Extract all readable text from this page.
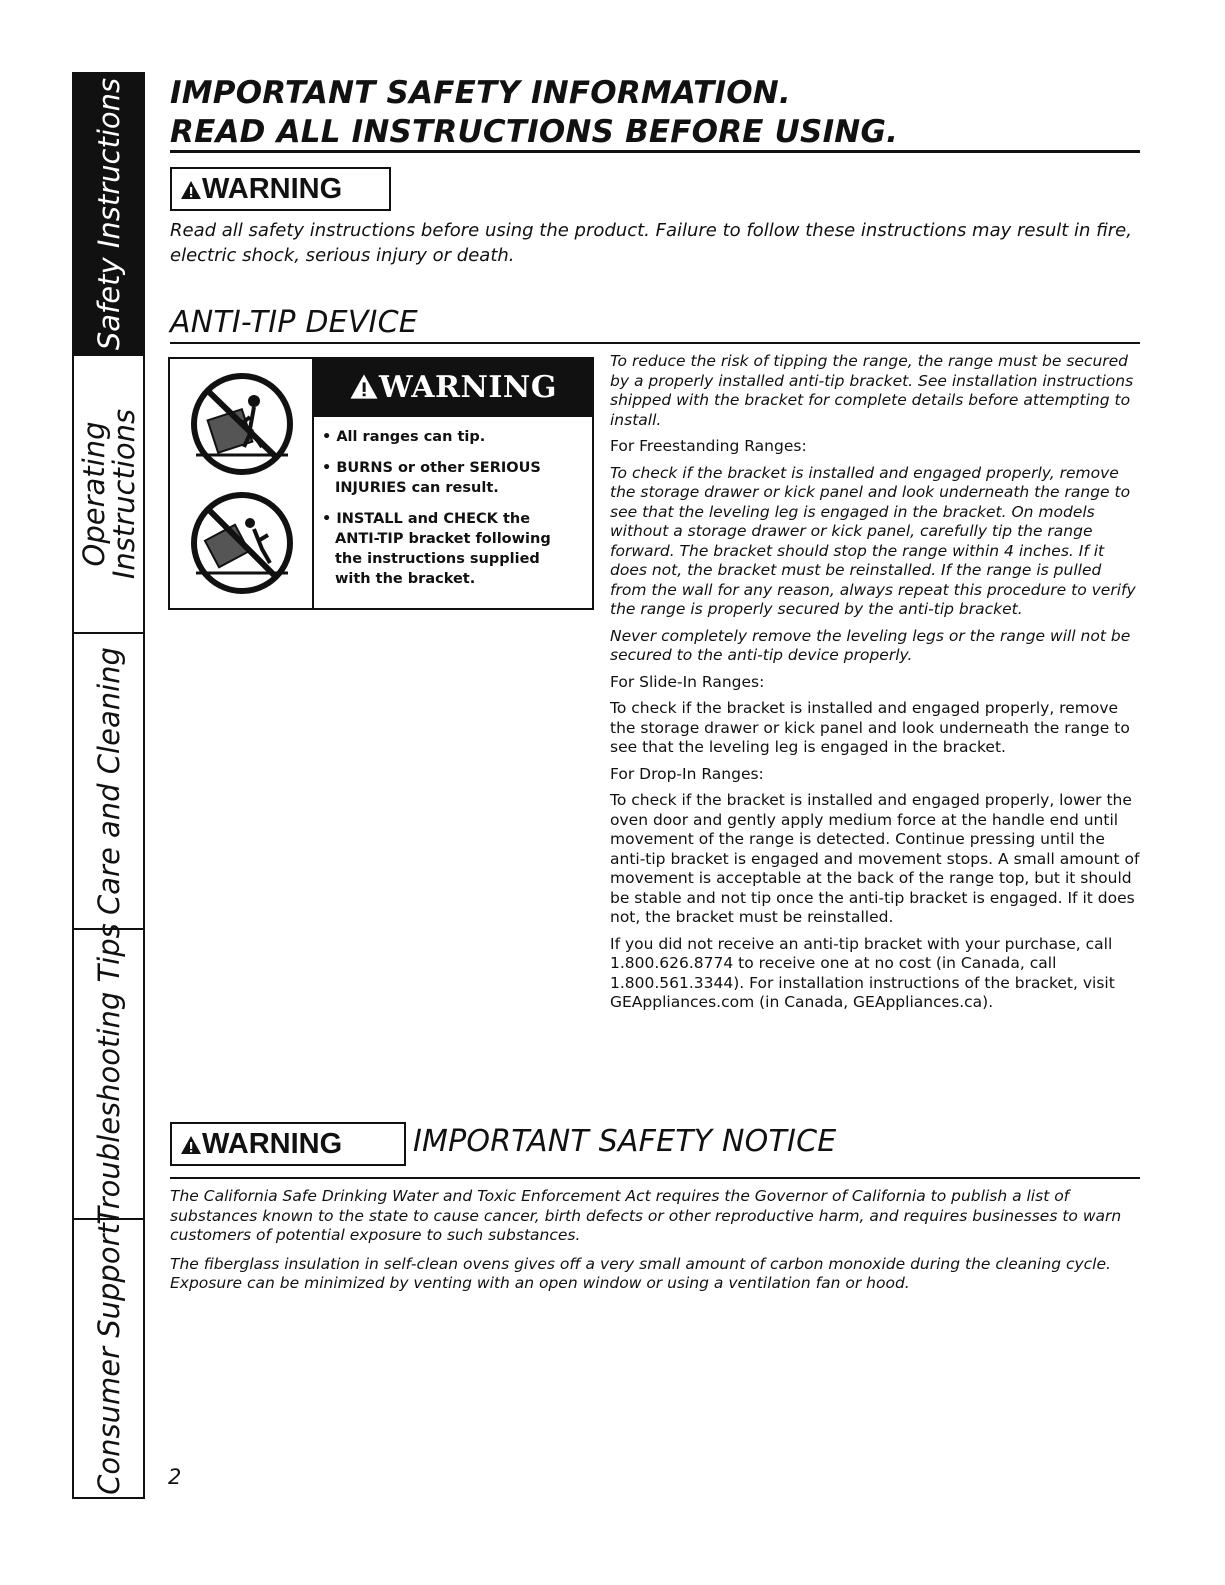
Safety Instructions
Operating
Instructions
Care and Cleaning
Troubleshooting Tips
Consumer Support
IMPORTANT SAFETY INFORMATION.
READ ALL INSTRUCTIONS BEFORE USING.
WARNING
Read all safety instructions before using the product. Failure to follow these instructions may result in fire, electric shock, serious injury or death.
ANTI-TIP DEVICE
WARNING
• All ranges can tip.
• BURNS or other SERIOUS INJURIES can result.
• INSTALL and CHECK the ANTI-TIP bracket following the instructions supplied with the bracket.

To reduce the risk of tipping the range, the range must be secured by a properly installed anti-tip bracket. See installation instructions shipped with the bracket for complete details before attempting to install.

For Freestanding Ranges:

To check if the bracket is installed and engaged properly, remove the storage drawer or kick panel and look underneath the range to see that the leveling leg is engaged in the bracket. On models without a storage drawer or kick panel, carefully tip the range forward. The bracket should stop the range within 4 inches. If it does not, the bracket must be reinstalled. If the range is pulled from the wall for any reason, always repeat this procedure to verify the range is properly secured by the anti-tip bracket.

Never completely remove the leveling legs or the range will not be secured to the anti-tip device properly.

For Slide-In Ranges:

To check if the bracket is installed and engaged properly, remove the storage drawer or kick panel and look underneath the range to see that the leveling leg is engaged in the bracket.

For Drop-In Ranges:

To check if the bracket is installed and engaged properly, lower the oven door and gently apply medium force at the handle end until movement of the range is detected. Continue pressing until the anti-tip bracket is engaged and movement stops. A small amount of movement is acceptable at the back of the range top, but it should be stable and not tip once the anti-tip bracket is engaged. If it does not, the bracket must be reinstalled.

If you did not receive an anti-tip bracket with your purchase, call 1.800.626.8774 to receive one at no cost (in Canada, call 1.800.561.3344). For installation instructions of the bracket, visit GEAppliances.com (in Canada, GEAppliances.ca).

WARNING	IMPORTANT SAFETY NOTICE

The California Safe Drinking Water and Toxic Enforcement Act requires the Governor of California to publish a list of substances known to the state to cause cancer, birth defects or other reproductive harm, and requires businesses to warn customers of potential exposure to such substances.

The fiberglass insulation in self-clean ovens gives off a very small amount of carbon monoxide during the cleaning cycle. Exposure can be minimized by venting with an open window or using a ventilation fan or hood.

2
